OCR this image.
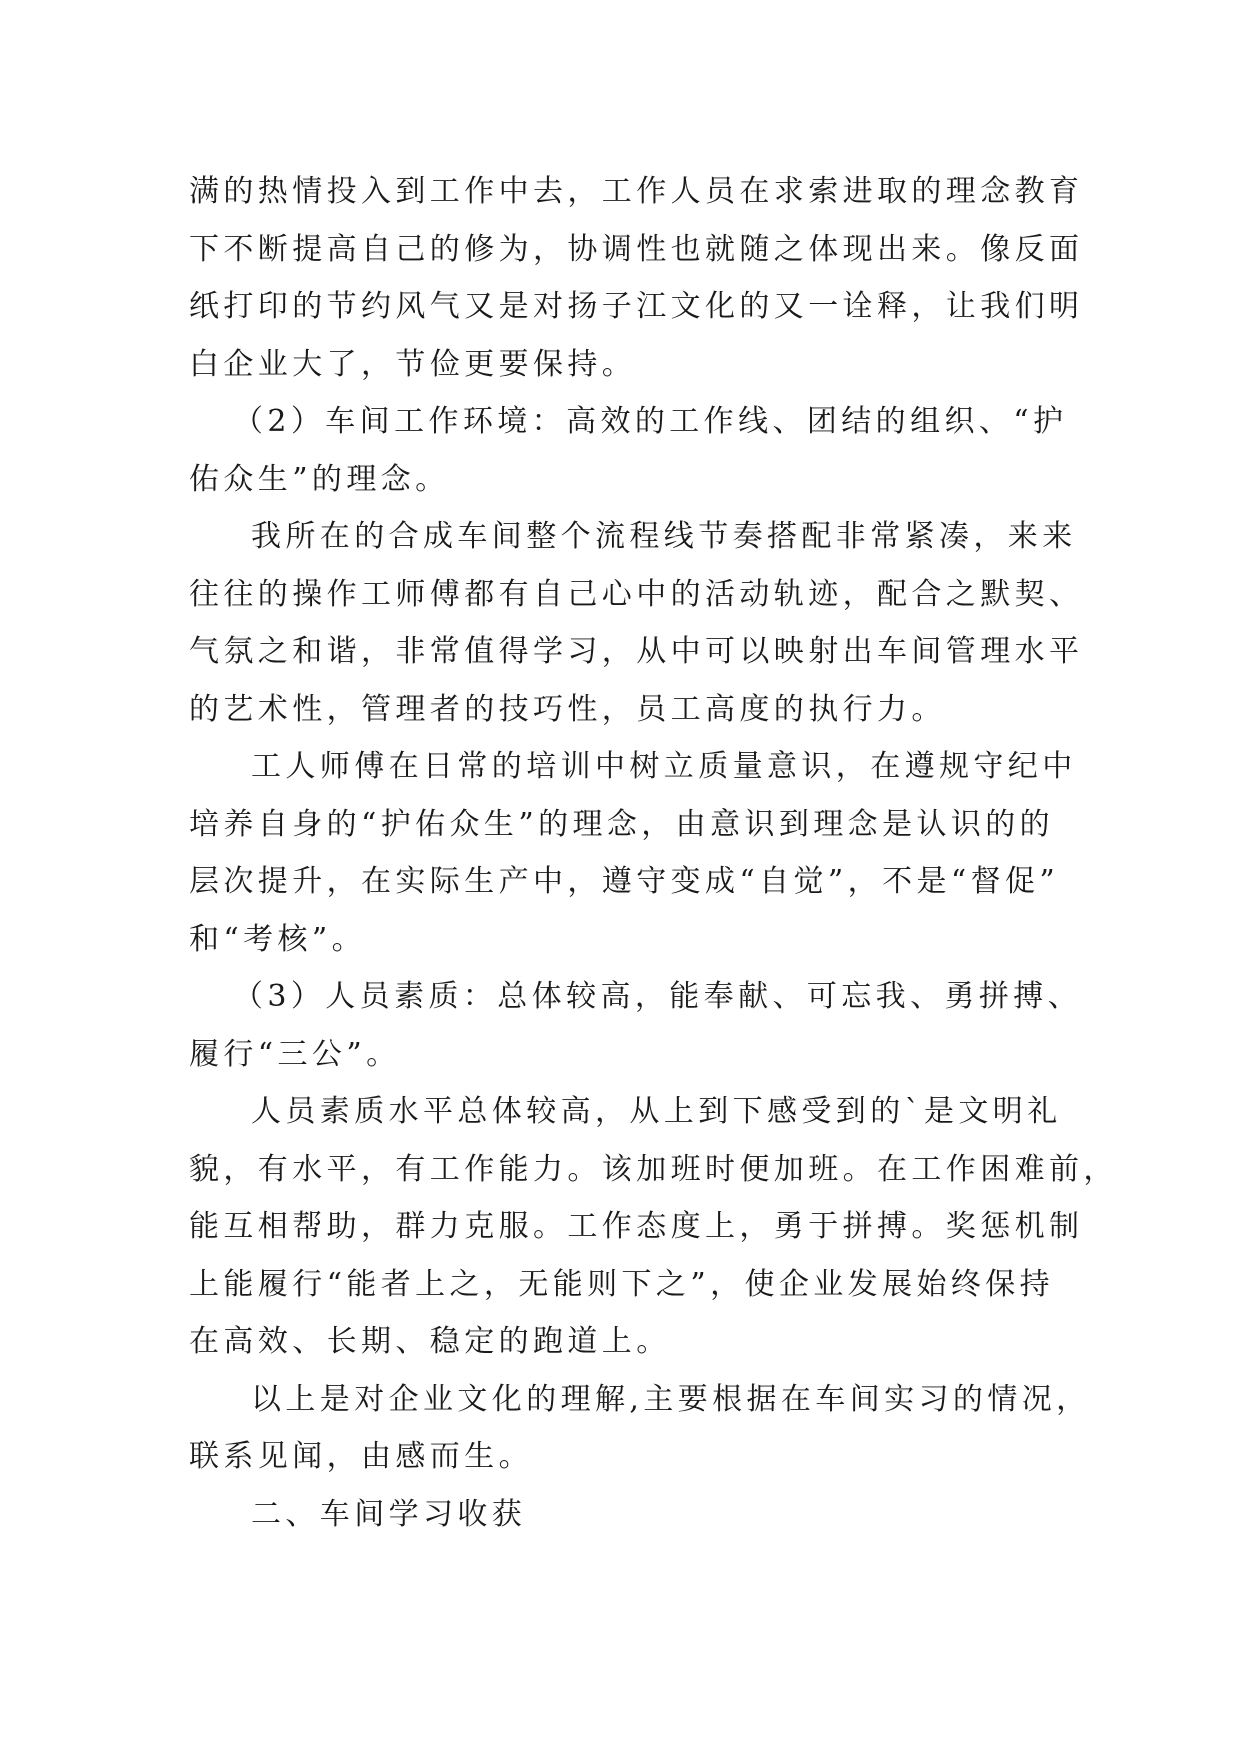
满的热情投入到工作中去，工作人员在求索进取的理念教育
下不断提高自己的修为，协调性也就随之体现出来。像反面
纸打印的节约风气又是对扬子江文化的又一诠释，让我们明
白企业大了，节俭更要保持。
（2）车间工作环境：高效的工作线、团结的组织、“护
佑众生”的理念。
我所在的合成车间整个流程线节奏搭配非常紧凑，来来
往往的操作工师傅都有自己心中的活动轨迹，配合之默契、
气氛之和谐，非常值得学习，从中可以映射出车间管理水平
的艺术性，管理者的技巧性，员工高度的执行力。
工人师傅在日常的培训中树立质量意识，在遵规守纪中
培养自身的“护佑众生”的理念，由意识到理念是认识的的
层次提升，在实际生产中，遵守变成“自觉”，不是“督促”
和“考核”。
（3）人员素质：总体较高，能奉献、可忘我、勇拼搏、
履行“三公”。
人员素质水平总体较高，从上到下感受到的`是文明礼
貌，有水平，有工作能力。该加班时便加班。在工作困难前，
能互相帮助，群力克服。工作态度上，勇于拼搏。奖惩机制
上能履行“能者上之，无能则下之”，使企业发展始终保持
在高效、长期、稳定的跑道上。
以上是对企业文化的理解,主要根据在车间实习的情况，
联系见闻，由感而生。
二、车间学习收获
